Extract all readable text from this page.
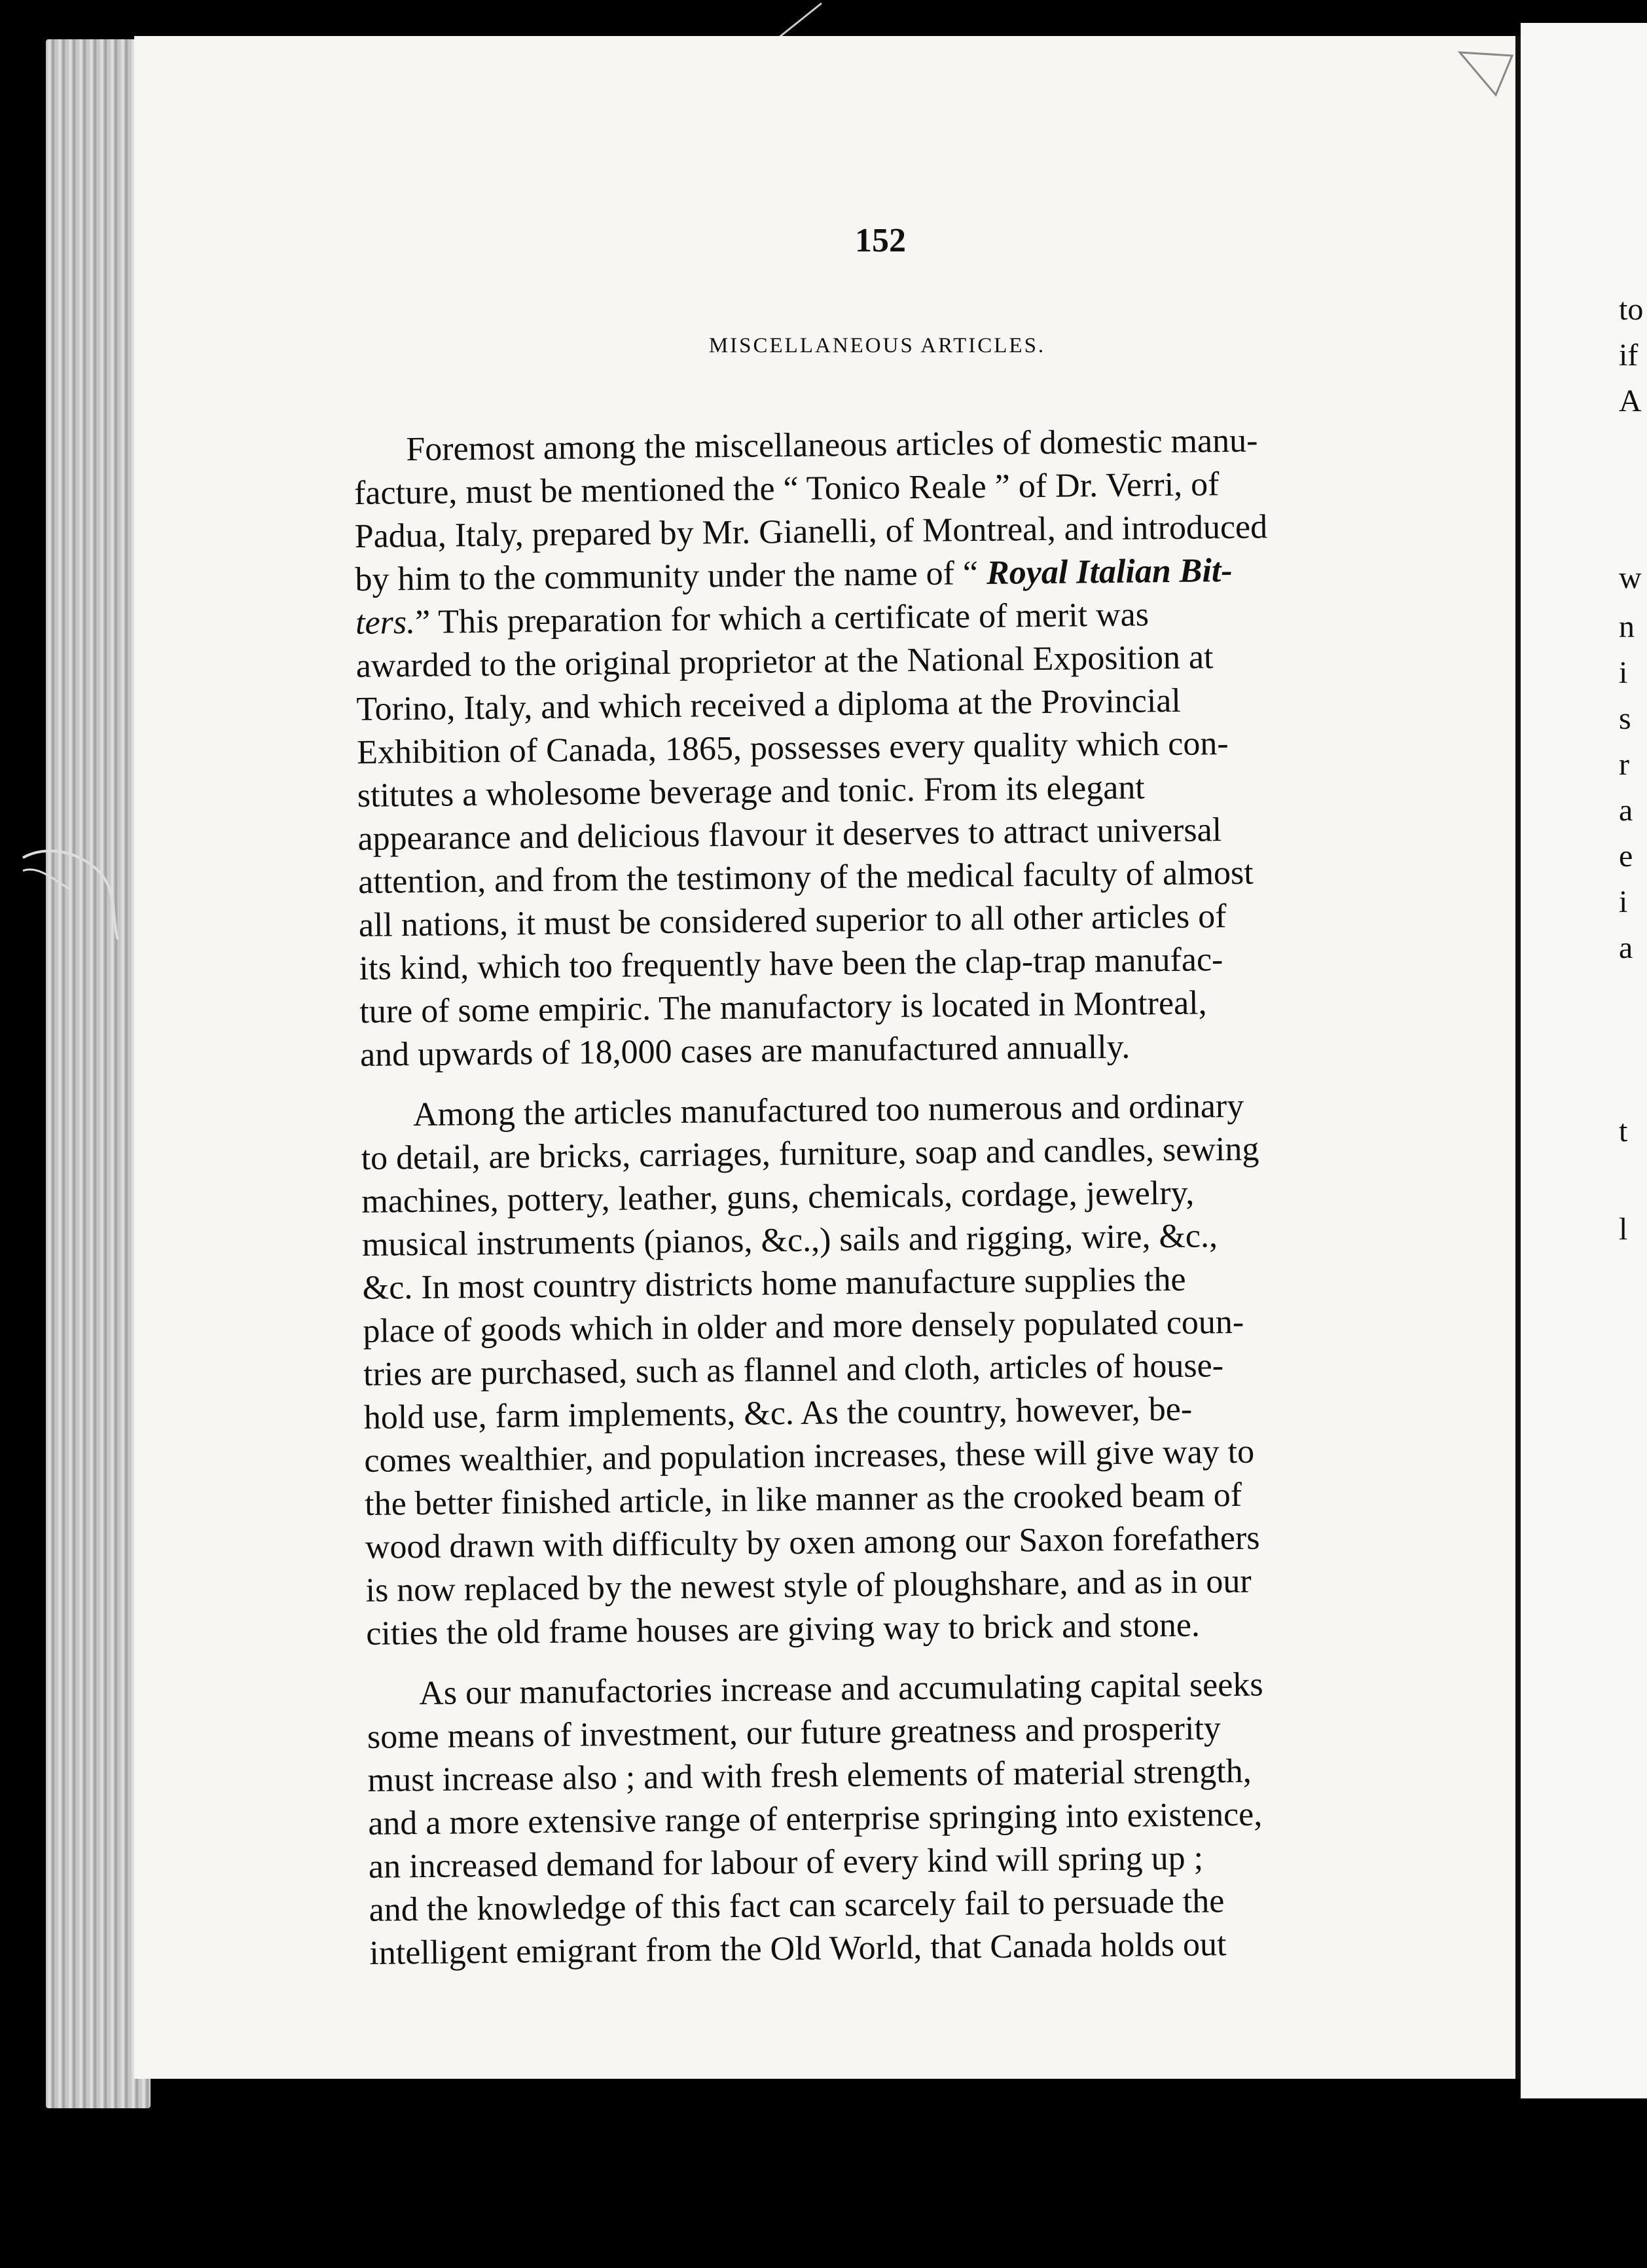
152
MISCELLANEOUS ARTICLES.
Foremost among the miscellaneous articles of domestic manu-
facture, must be mentioned the “ Tonico Reale ” of Dr. Verri, of
Padua, Italy, prepared by Mr. Gianelli, of Montreal, and introduced
by him to the community under the name of “ Royal Italian Bit-
ters.” This preparation for which a certificate of merit was
awarded to the original proprietor at the National Exposition at
Torino, Italy, and which received a diploma at the Provincial
Exhibition of Canada, 1865, possesses every quality which con-
stitutes a wholesome beverage and tonic. From its elegant
appearance and delicious flavour it deserves to attract universal
attention, and from the testimony of the medical faculty of almost
all nations, it must be considered superior to all other articles of
its kind, which too frequently have been the clap-trap manufac-
ture of some empiric. The manufactory is located in Montreal,
and upwards of 18,000 cases are manufactured annually.
Among the articles manufactured too numerous and ordinary
to detail, are bricks, carriages, furniture, soap and candles, sewing
machines, pottery, leather, guns, chemicals, cordage, jewelry,
musical instruments (pianos, &c.,) sails and rigging, wire, &c.,
&c. In most country districts home manufacture supplies the
place of goods which in older and more densely populated coun-
tries are purchased, such as flannel and cloth, articles of house-
hold use, farm implements, &c. As the country, however, be-
comes wealthier, and population increases, these will give way to
the better finished article, in like manner as the crooked beam of
wood drawn with difficulty by oxen among our Saxon forefathers
is now replaced by the newest style of ploughshare, and as in our
cities the old frame houses are giving way to brick and stone.
As our manufactories increase and accumulating capital seeks
some means of investment, our future greatness and prosperity
must increase also ; and with fresh elements of material strength,
and a more extensive range of enterprise springing into existence,
an increased demand for labour of every kind will spring up ;
and the knowledge of this fact can scarcely fail to persuade the
intelligent emigrant from the Old World, that Canada holds out
to
if
A
w
n
i
s
r
a
e
i
a
t
l
